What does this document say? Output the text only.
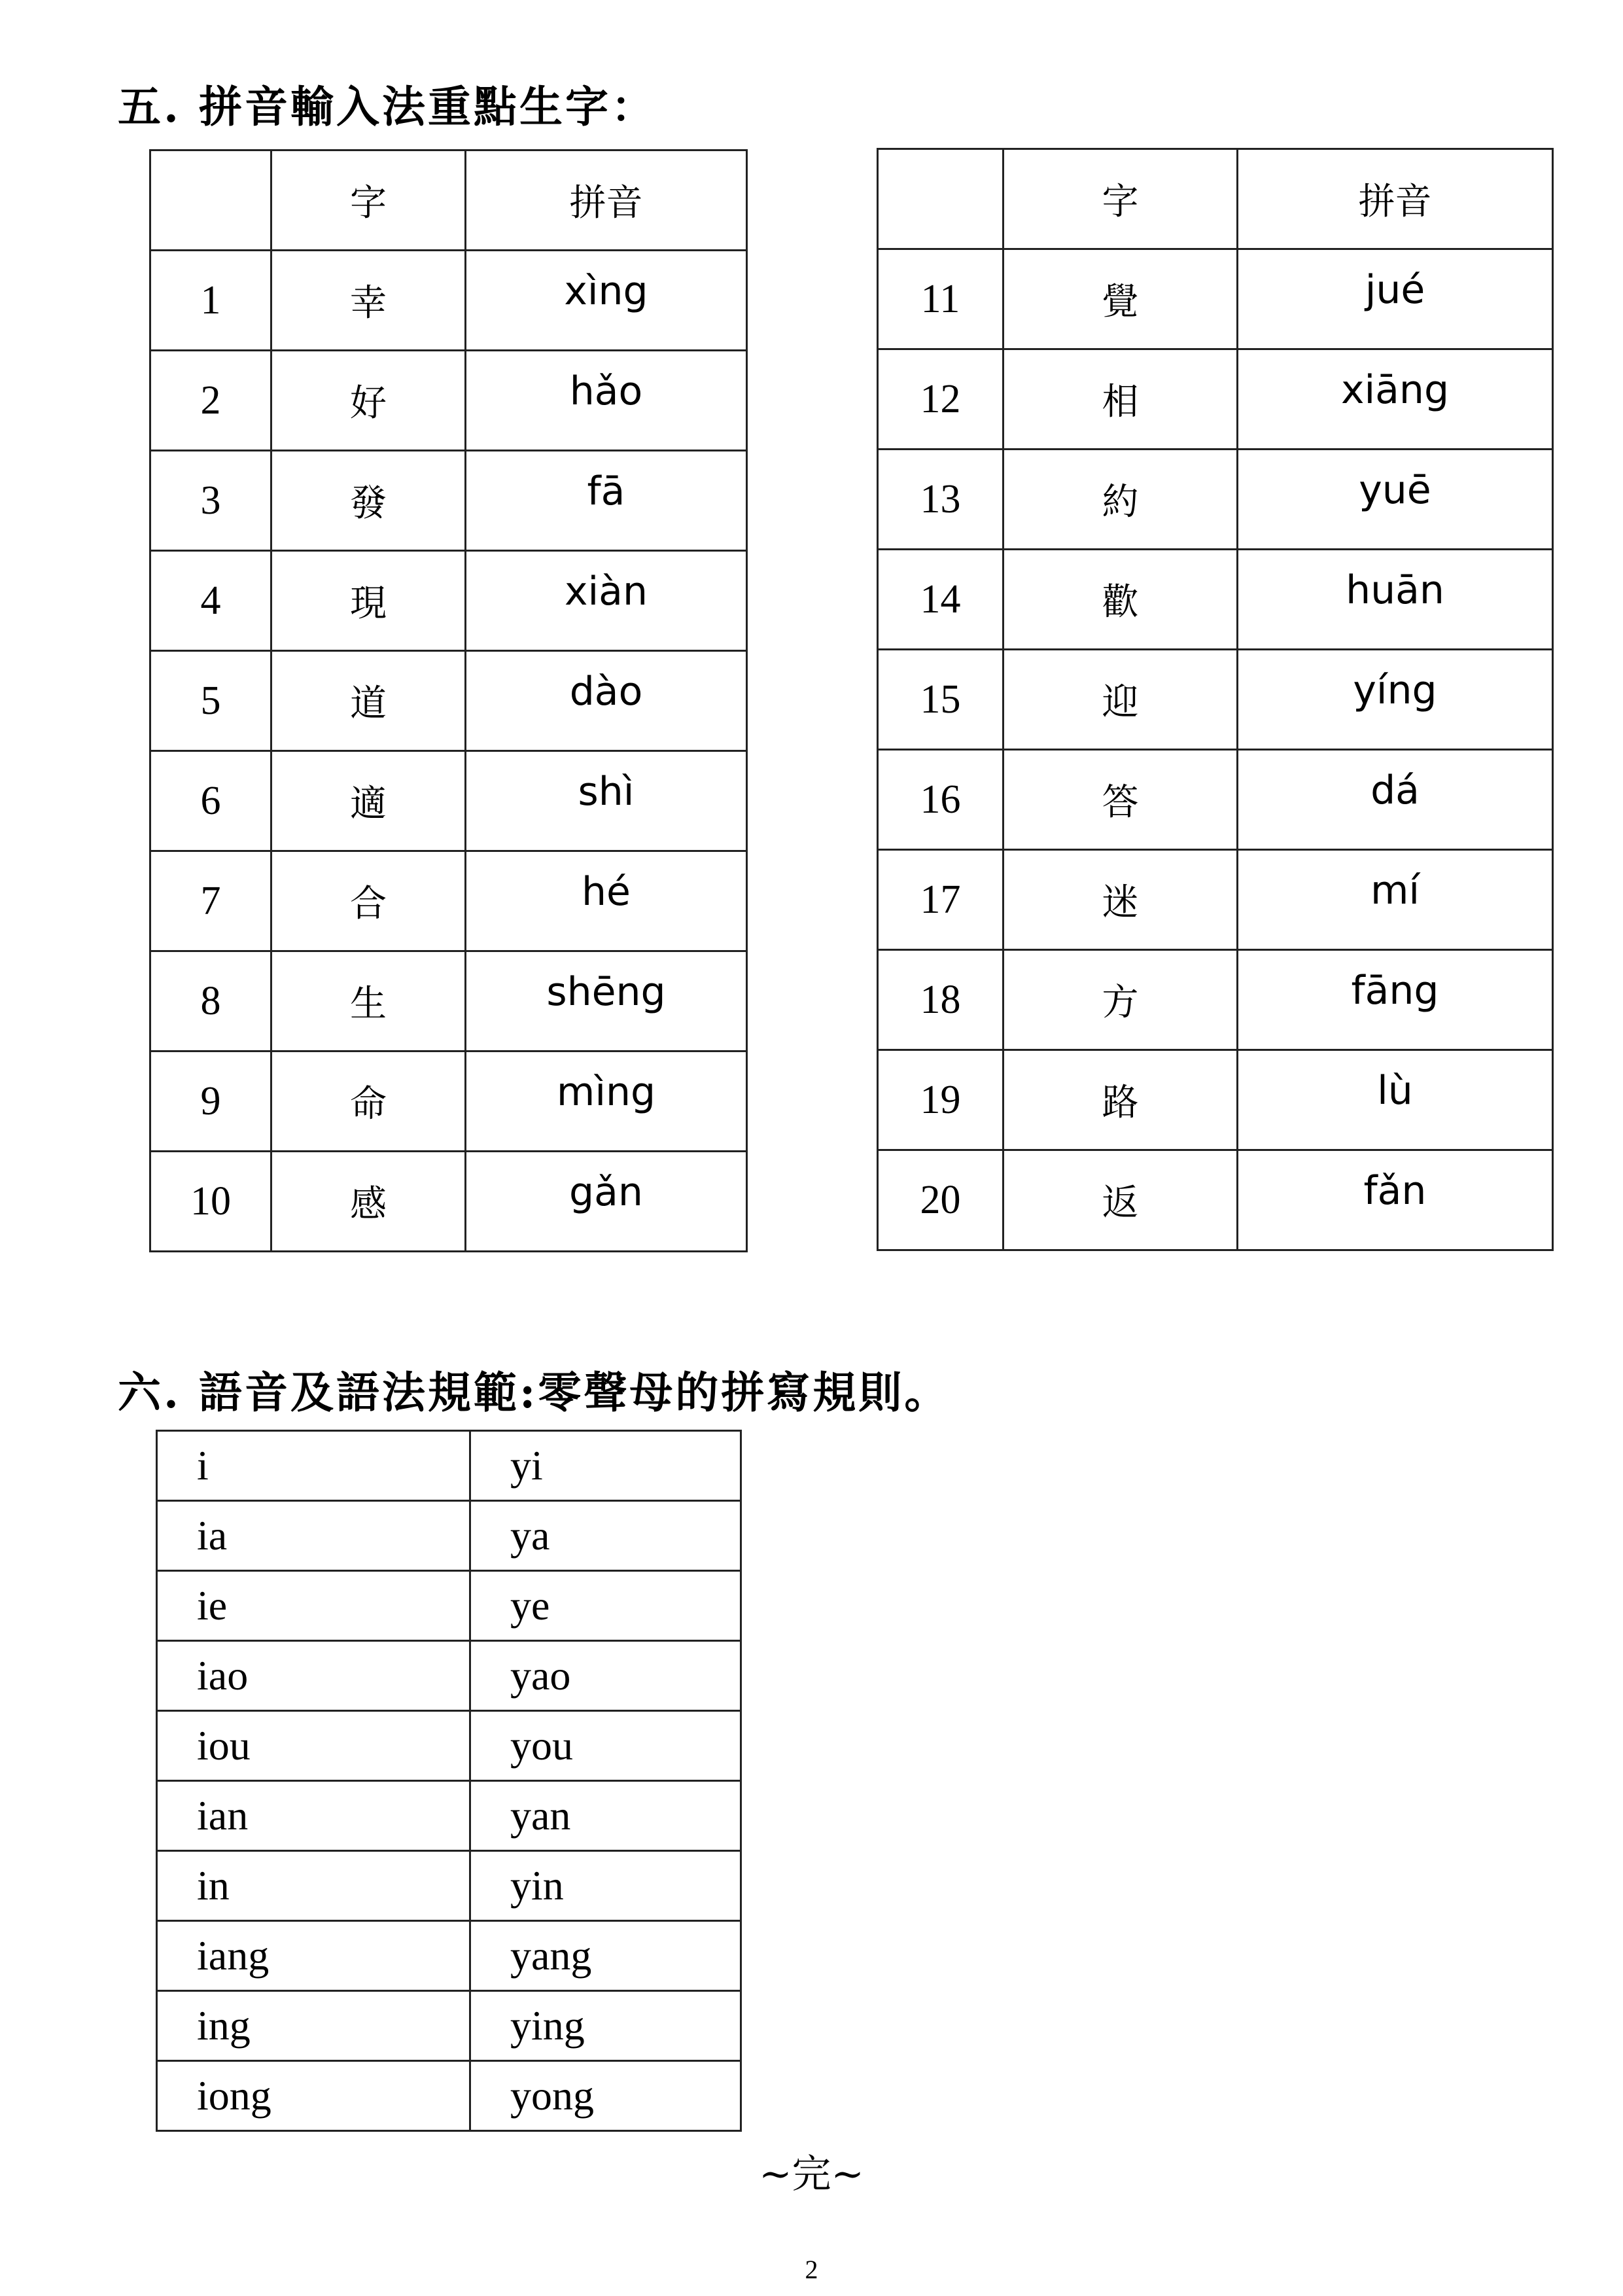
五. 拼音輸入法重點生字：
	字	拼音
1	幸	xìng
2	好	hǎo
3	發	fā
4	現	xiàn
5	道	dào
6	適	shì
7	合	hé
8	生	shēng
9	命	mìng
10	感	gǎn
	字	拼音
11	覺	jué
12	相	xiāng
13	約	yuē
14	歡	huān
15	迎	yíng
16	答	dá
17	迷	mí
18	方	fāng
19	路	lù
20	返	fǎn
六. 語音及語法規範:零聲母的拼寫規則。
i	yi
ia	ya
ie	ye
iao	yao
iou	you
ian	yan
in	yin
iang	yang
ing	ying
iong	yong

~完~

2
